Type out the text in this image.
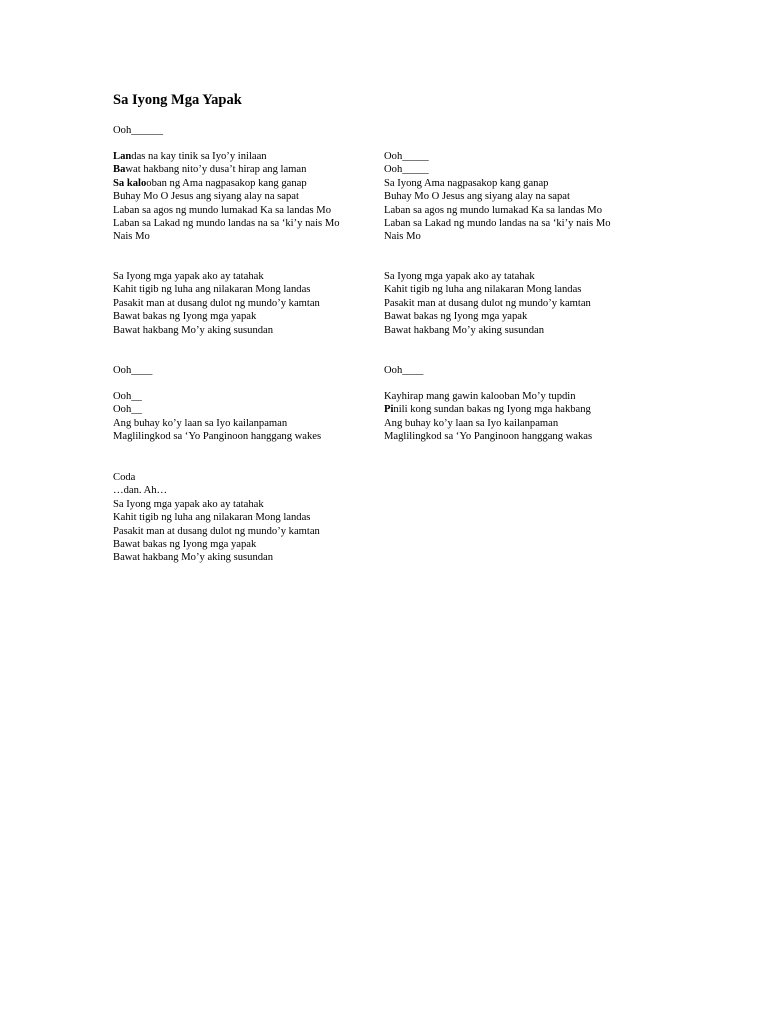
Sa Iyong Mga Yapak
Ooh______
Landas na kay tinik sa Iyo’y inilaan
Bawat hakbang nito’y dusa’t hirap ang laman
Sa kalooban ng Ama nagpasakop kang ganap
Buhay Mo O Jesus ang siyang alay na sapat
Laban sa agos ng mundo lumakad Ka sa landas Mo
Laban sa Lakad ng mundo landas na sa ‘ki’y nais Mo
Nais Mo
Ooh_____
Ooh_____
Sa Iyong Ama nagpasakop kang ganap
Buhay Mo O Jesus ang siyang alay na sapat
Laban sa agos ng mundo lumakad Ka sa landas Mo
Laban sa Lakad ng mundo landas na sa ‘ki’y nais Mo
Nais Mo
Sa Iyong mga yapak ako ay tatahak
Kahit tigib ng luha ang nilakaran Mong landas
Pasakit man at dusang dulot ng mundo’y kamtan
Bawat bakas ng Iyong mga yapak
Bawat hakbang Mo’y aking susundan
Sa Iyong mga yapak ako ay tatahak
Kahit tigib ng luha ang nilakaran Mong landas
Pasakit man at dusang dulot ng mundo’y kamtan
Bawat bakas ng Iyong mga yapak
Bawat hakbang Mo’y aking susundan
Ooh____	Ooh____
Ooh__
Ooh__
Ang buhay ko’y laan sa Iyo kailanpaman
Maglilingkod sa ‘Yo Panginoon hanggang wakes
Kayhirap mang gawin kalooban Mo’y tupdin
Pinili kong sundan bakas ng Iyong mga hakbang
Ang buhay ko’y laan sa Iyo kailanpaman
Maglilingkod sa ‘Yo Panginoon hanggang wakas
Coda
…dan. Ah…
Sa Iyong mga yapak ako ay tatahak
Kahit tigib ng luha ang nilakaran Mong landas
Pasakit man at dusang dulot ng mundo’y kamtan
Bawat bakas ng Iyong mga yapak
Bawat hakbang Mo’y aking susundan
